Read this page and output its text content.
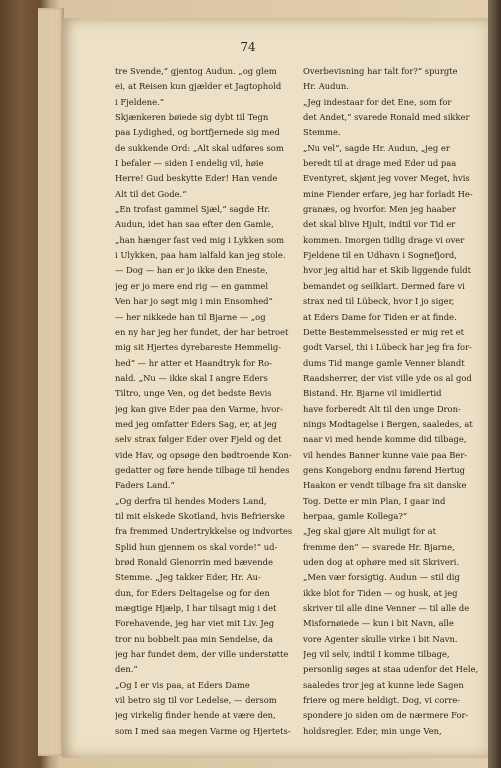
74
tre Svende,“ gjentog Audun. „og glem
ei, at Reisen kun gjælder et Jagtophold
i Fjeldene.“
Skjænkeren bøiede sig dybt til Tegn
paa Lydighed, og bortfjernede sig med
de sukkende Ord: „Alt skal udføres som
I befaler — siden I endelig vil, høie
Herre! Gud beskytte Eder! Han vende
Alt til det Gode.“
„En trofast gammel Sjæl,“ sagde Hr.
Audun, idet han saa efter den Gamle,
„han hænger fast ved mig i Lykken som
i Ulykken, paa ham ialfald kan jeg stole.
— Dog — han er jo ikke den Eneste,
jeg er jo mere end rig — en gammel
Ven har jo søgt mig i min Ensomhed“
— her nikkede han til Bjarne — „og
en ny har jeg her fundet, der har betroet
mig sit Hjertes dyrebareste Hemmelig-
hed“ — hr atter et Haandtryk for Ro-
nald. „Nu — ikke skal I angre Eders
Tiltro, unge Ven, og det bedste Bevis
jeg kan give Eder paa den Varme, hvor-
med jeg omfatter Eders Sag, er, at jeg
selv strax følger Eder over Fjeld og det
vide Hav, og opsøge den bødtroende Kon-
gedatter og føre hende tilbage til hendes
Faders Land.“
„Og derfra til hendes Moders Land,
til mit elskede Skotland, hvis Befrierske
fra fremmed Undertrykkelse og indvortes
Splid hun gjennem os skal vorde!“ ud-
brød Ronald Glenorrin med bævende
Stemme. „Jeg takker Eder, Hr. Au-
dun, for Eders Deltagelse og for den
mægtige Hjælp, I har tilsagt mig i det
Forehavende, jeg har viet mit Liv. Jeg
tror nu bobbelt paa min Sendelse, da
jeg har fundet dem, der ville understøtte
den.“
„Og I er vis paa, at Eders Dame
vil betro sig til vor Ledelse, — dersom
jeg virkelig finder hende at være den,
som I med saa megen Varme og Hjertets-
Overbevisning har talt for?“ spurgte
Hr. Audun.
„Jeg indestaar for det Ene, som for
det Andet,“ svarede Ronald med sikker
Stemme.
„Nu vel“, sagde Hr. Audun, „jeg er
beredt til at drage med Eder ud paa
Eventyret, skjønt jeg vover Meget, hvis
mine Fiender erfare, jeg har forladt He-
granæs, og hvorfor. Men jeg haaber
det skal blive Hjult, indtil vor Tid er
kommen. Imorgen tidlig drage vi over
Fjeldene til en Udhavn i Sognefjord,
hvor jeg altid har et Skib liggende fuldt
bemandet og seilklart. Dermed fare vi
strax ned til Lübeck, hvor I jo siger,
at Eders Dame for Tiden er at finde.
Dette Bestemmelsessted er mig ret et
godt Varsel, thi i Lübeck har jeg fra for-
dums Tid mange gamle Venner blandt
Raadsherrer, der vist ville yde os al god
Bistand. Hr. Bjarne vil imidlertid
have forberedt Alt til den unge Dron-
nings Modtagelse i Bergen, saaledes, at
naar vi med hende komme did tilbage,
vil hendes Banner kunne vaie paa Ber-
gens Kongeborg endnu førend Hertug
Haakon er vendt tilbage fra sit danske
Tog. Dette er min Plan, I gaar ind
herpaa, gamle Kollega?“
„Jeg skal gjøre Alt muligt for at
fremme den“ — svarede Hr. Bjarne,
uden dog at ophøre med sit Skriveri.
„Men vær forsigtig. Audun — stil dig
ikke blot for Tiden — og husk, at jeg
skriver til alle dine Venner — til alle de
Misfornøiede — kun i bit Navn, alle
vore Agenter skulle virke i bit Navn.
Jeg vil selv, indtil I komme tilbage,
personlig søges at staa udenfor det Hele,
saaledes tror jeg at kunne lede Sagen
friere og mere heldigt. Dog, vi corre-
spondere jo siden om de nærmere For-
holdsregler. Eder, min unge Ven,
